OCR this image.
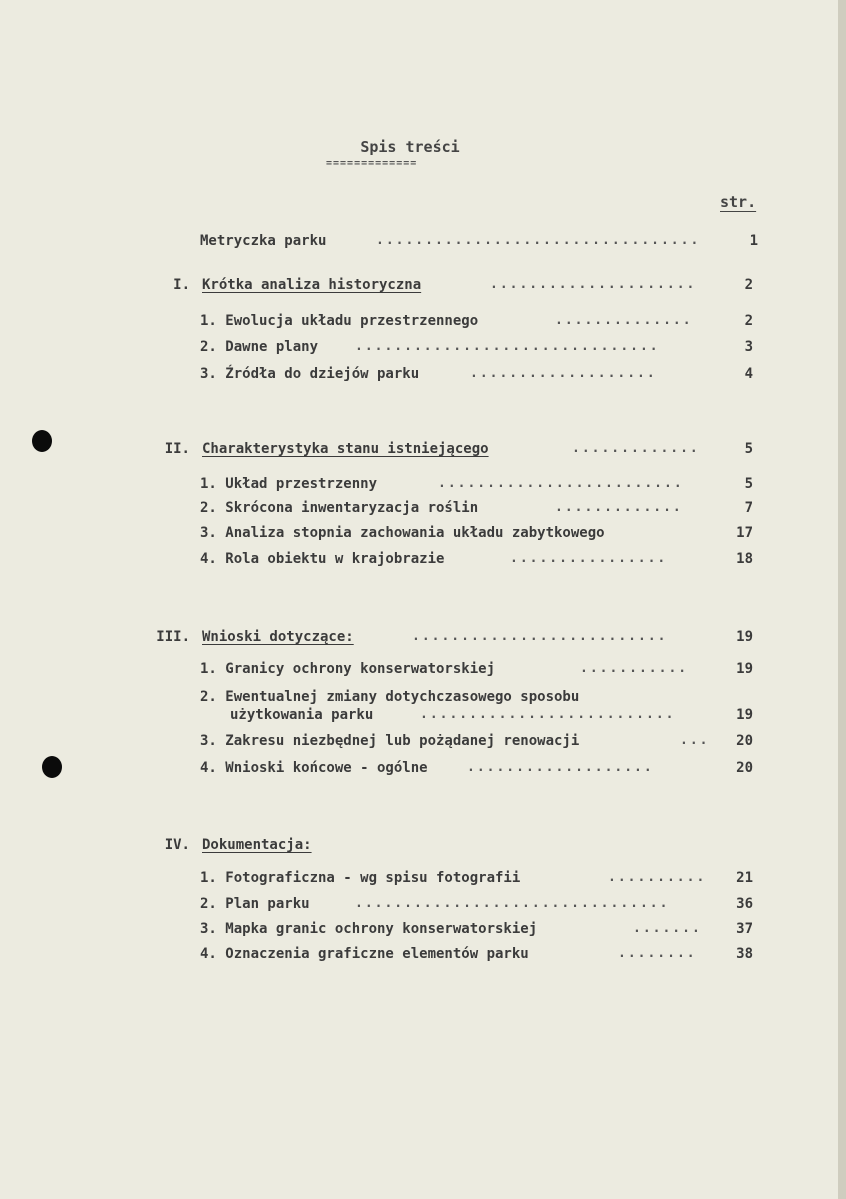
Spis treści
=============
str.
Metryczka parku	.................................	1
I. Krótka analiza historyczna	.....................	2
1. Ewolucja układu przestrzennego	..............	2
2. Dawne plany	...............................	3
3. Źródła do dziejów parku	...................	4
II. Charakterystyka stanu istniejącego	.............	5
1. Układ przestrzenny	.........................	5
2. Skrócona inwentaryzacja roślin	.............	7
3. Analiza stopnia zachowania układu zabytkowego	17
4. Rola obiektu w krajobrazie	................	18
III. Wnioski dotyczące:	..........................	19
1. Granicy ochrony konserwatorskiej	...........	19
2. Ewentualnej zmiany dotychczasowego sposobu
użytkowania parku	..........................	19
3. Zakresu niezbędnej lub pożądanej renowacji	...	20
4. Wnioski końcowe - ogólne	...................	20
IV. Dokumentacja:
1. Fotograficzna - wg spisu fotografii	..........	21
2. Plan parku	................................	36
3. Mapka granic ochrony konserwatorskiej	.......	37
4. Oznaczenia graficzne elementów parku	........	38
